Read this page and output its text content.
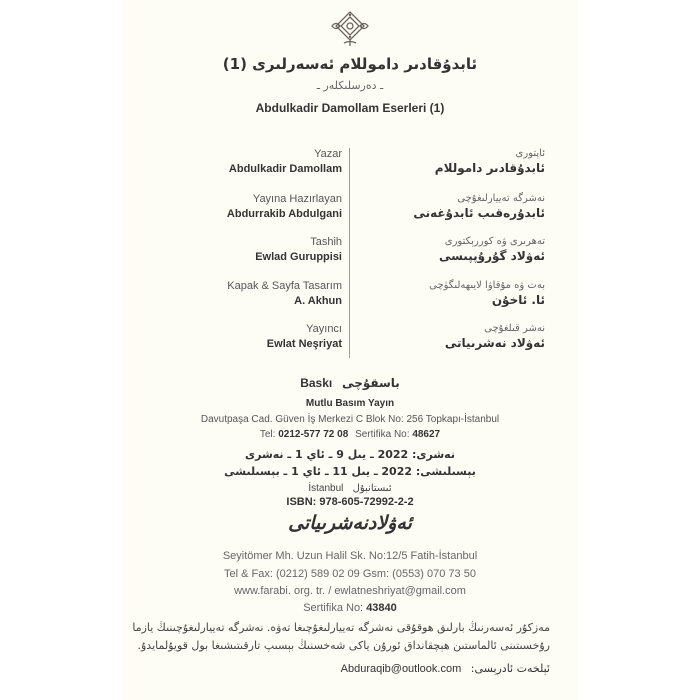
ئابدۇقادىر داموللام ئەسەرلىرى (1)
ـ دەرسلىكلەر ـ
Abdulkadir Damollam Eserleri (1)
Yazar
Abdulkadir Damollam
Yayına Hazırlayan
Abdurrakib Abdulgani
Tashih
Ewlad Guruppisi
Kapak & Sayfa Tasarım
A. Akhun
Yayıncı
Ewlat Neşriyat
ئاپتورى
ئابدۇقادىر داموللام
نەشرگە تەييارلىغۇچى
ئابدۇرەقىب ئابدۇغەنى
تەھرىرى ۋە كوررېكتورى
ئەۋلاد گۇرۇپپىسى
بەت ۋە مۇقاۋا لايىھەلىگۈچى
ئا. ئاخۇن
نەشر قىلغۇچى
ئەۋلاد نەشرىياتى
Baskı باسقۇچى
Mutlu Basım Yayın
Davutpaşa Cad. Güven İş Merkezi C Blok No: 256 Topkapı-İstanbul
Tel: 0212-577 72 08 Sertifika No: 48627
نەشرى: 2022 ـ يىل 9 ـ ئاي 1 ـ نەشرى
بېسىلىشى: 2022 ـ يىل 11 ـ ئاي 1 ـ بېسىلىشى
İstanbul ئىستانبۇل
ISBN: 978-605-72992-2-2
ئەۋلادنەشرىياتى
Seyitömer Mh. Uzun Halil Sk. No:12/5 Fatih-İstanbul
Tel & Fax: (0212) 589 02 09 Gsm: (0553) 070 73 50
www.farabi. org. tr. / ewlatneshriyat@gmail.com
Sertifika No: 43840
مەزكۇر ئەسەرنىڭ بارلىق ھوقۇقى نەشرگە تەييارلىغۇچىغا تەۋە. نەشرگە تەييارلىغۇچىنىڭ يازما
رۇخسىتىنى ئالماستىن ھېچقانداق ئورۇن ياكى شەخسنىڭ بېسىپ تارقىتىشىغا بول قويۇلمايدۇ.
ئېلخەت ئادرېسى: Abduraqib@outlook.com
